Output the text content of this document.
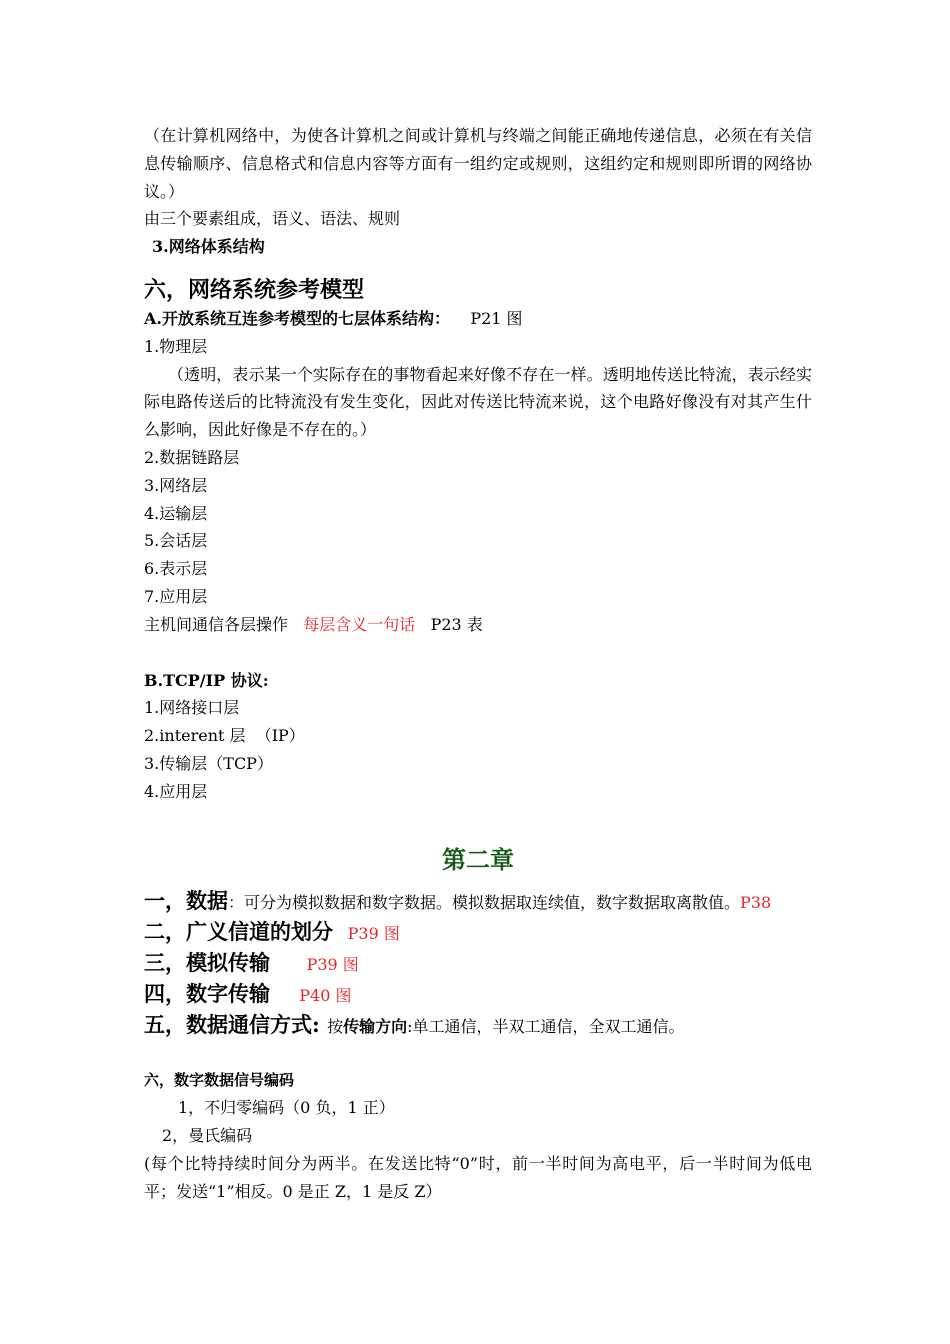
（在计算机网络中，为使各计算机之间或计算机与终端之间能正确地传递信息，必须在有关信息传输顺序、信息格式和信息内容等方面有一组约定或规则，这组约定和规则即所谓的网络协议。）

由三个要素组成，语义、语法、规则

3.网络体系结构

六，网络系统参考模型

A.开放系统互连参考模型的七层体系结构： P21 图

1.物理层

（透明，表示某一个实际存在的事物看起来好像不存在一样。透明地传送比特流，表示经实际电路传送后的比特流没有发生变化，因此对传送比特流来说，这个电路好像没有对其产生什么影响，因此好像是不存在的。）

2.数据链路层

3.网络层

4.运输层

5.会话层

6.表示层

7.应用层

主机间通信各层操作 每层含义一句话 P23 表

B.TCP/IP 协议:

1.网络接口层

2.interent 层  （IP）

3.传输层（TCP）

4.应用层

第二章

一，数据：可分为模拟数据和数字数据。模拟数据取连续值，数字数据取离散值。P38

二，广义信道的划分 P39 图

三，模拟传输 P39 图

四，数字传输 P40 图

五，数据通信方式: 按传输方向:单工通信，半双工通信，全双工通信。

六，数字数据信号编码

1，不归零编码（0 负，1 正）

2，曼氏编码

(每个比特持续时间分为两半。在发送比特“0”时，前一半时间为高电平，后一半时间为低电平；发送“1”相反。0 是正 Z，1 是反 Z）
